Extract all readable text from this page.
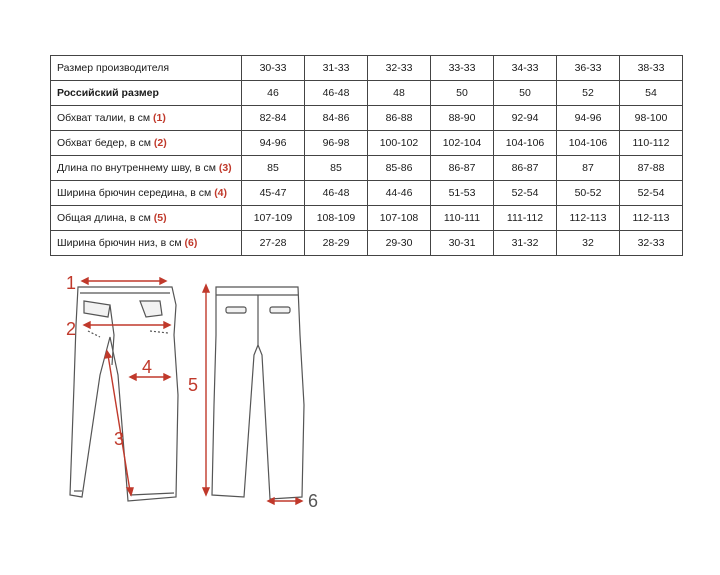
Размер производителя	30-33	31-33	32-33	33-33	34-33	36-33	38-33
Российский размер	46	46-48	48	50	50	52	54
Обхват талии, в см (1)	82-84	84-86	86-88	88-90	92-94	94-96	98-100
Обхват бедер, в см (2)	94-96	96-98	100-102	102-104	104-106	104-106	110-112
Длина по внутреннему шву, в см (3)	85	85	85-86	86-87	86-87	87	87-88
Ширина брючин середина, в см (4)	45-47	46-48	44-46	51-53	52-54	50-52	52-54
Общая длина, в см (5)	107-109	108-109	107-108	110-111	111-112	112-113	112-113
Ширина брючин низ, в см (6)	27-28	28-29	29-30	30-31	31-32	32	32-33
1
2
3
4
5
6
